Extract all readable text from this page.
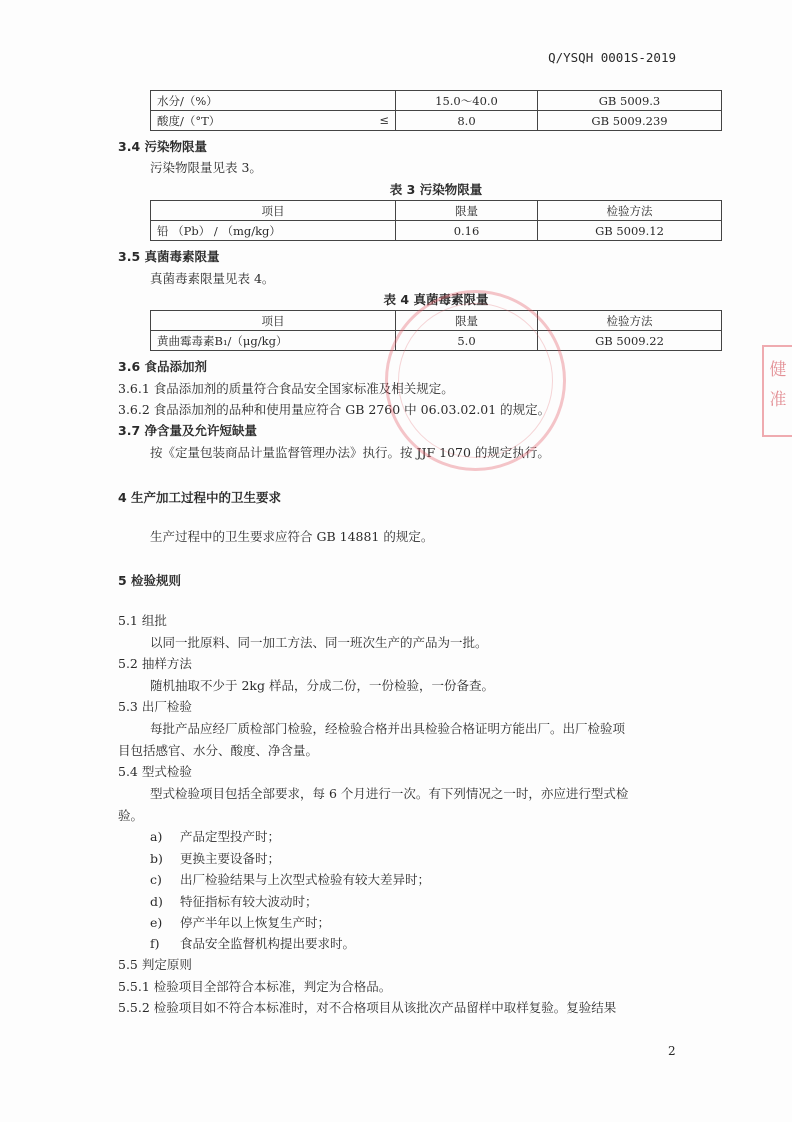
Q/YSQH 0001S-2019
水分/（%）	15.0～40.0	GB 5009.3
酸度/（°T） ≤	8.0	GB 5009.239
3.4 污染物限量
污染物限量见表 3。
表 3 污染物限量
项目	限量	检验方法
铅 （Pb） / （mg/kg）	0.16	GB 5009.12
3.5 真菌毒素限量
真菌毒素限量见表 4。
表 4 真菌毒素限量
项目	限量	检验方法
黄曲霉毒素B₁/（μg/kg）	5.0	GB 5009.22
3.6 食品添加剂
3.6.1 食品添加剂的质量符合食品安全国家标准及相关规定。
3.6.2 食品添加剂的品种和使用量应符合 GB 2760 中 06.03.02.01 的规定。
3.7 净含量及允许短缺量
按《定量包装商品计量监督管理办法》执行。按 JJF 1070 的规定执行。
4 生产加工过程中的卫生要求
生产过程中的卫生要求应符合 GB 14881 的规定。
5 检验规则
5.1 组批
以同一批原料、同一加工方法、同一班次生产的产品为一批。
5.2 抽样方法
随机抽取不少于 2kg 样品，分成二份，一份检验，一份备查。
5.3 出厂检验
每批产品应经厂质检部门检验，经检验合格并出具检验合格证明方能出厂。出厂检验项
目包括感官、水分、酸度、净含量。
5.4 型式检验
型式检验项目包括全部要求，每 6 个月进行一次。有下列情况之一时，亦应进行型式检
验。
a) 产品定型投产时；
b) 更换主要设备时；
c) 出厂检验结果与上次型式检验有较大差异时；
d) 特征指标有较大波动时；
e) 停产半年以上恢复生产时；
f) 食品安全监督机构提出要求时。
5.5 判定原则
5.5.1 检验项目全部符合本标准，判定为合格品。
5.5.2 检验项目如不符合本标准时，对不合格项目从该批次产品留样中取样复验。复验结果
2
健
准
